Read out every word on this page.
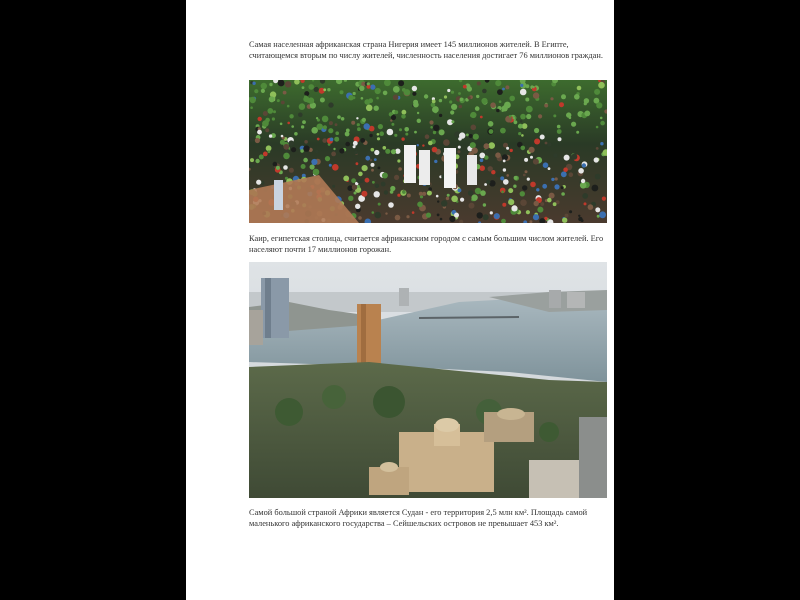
Самая населенная африканская страна Нигерия имеет 145 миллионов жителей. В Египте, считающемся вторым по числу жителей, численность населения достигает 76 миллионов граждан.

Каир, египетская столица, считается африканским городом с самым большим числом жителей. Его населяют почти 17 миллионов горожан.

Самой большой страной Африки является Судан - его территория 2,5 млн км². Площадь самой маленького африканского государства – Сейшельских островов не превышает 453 км².
